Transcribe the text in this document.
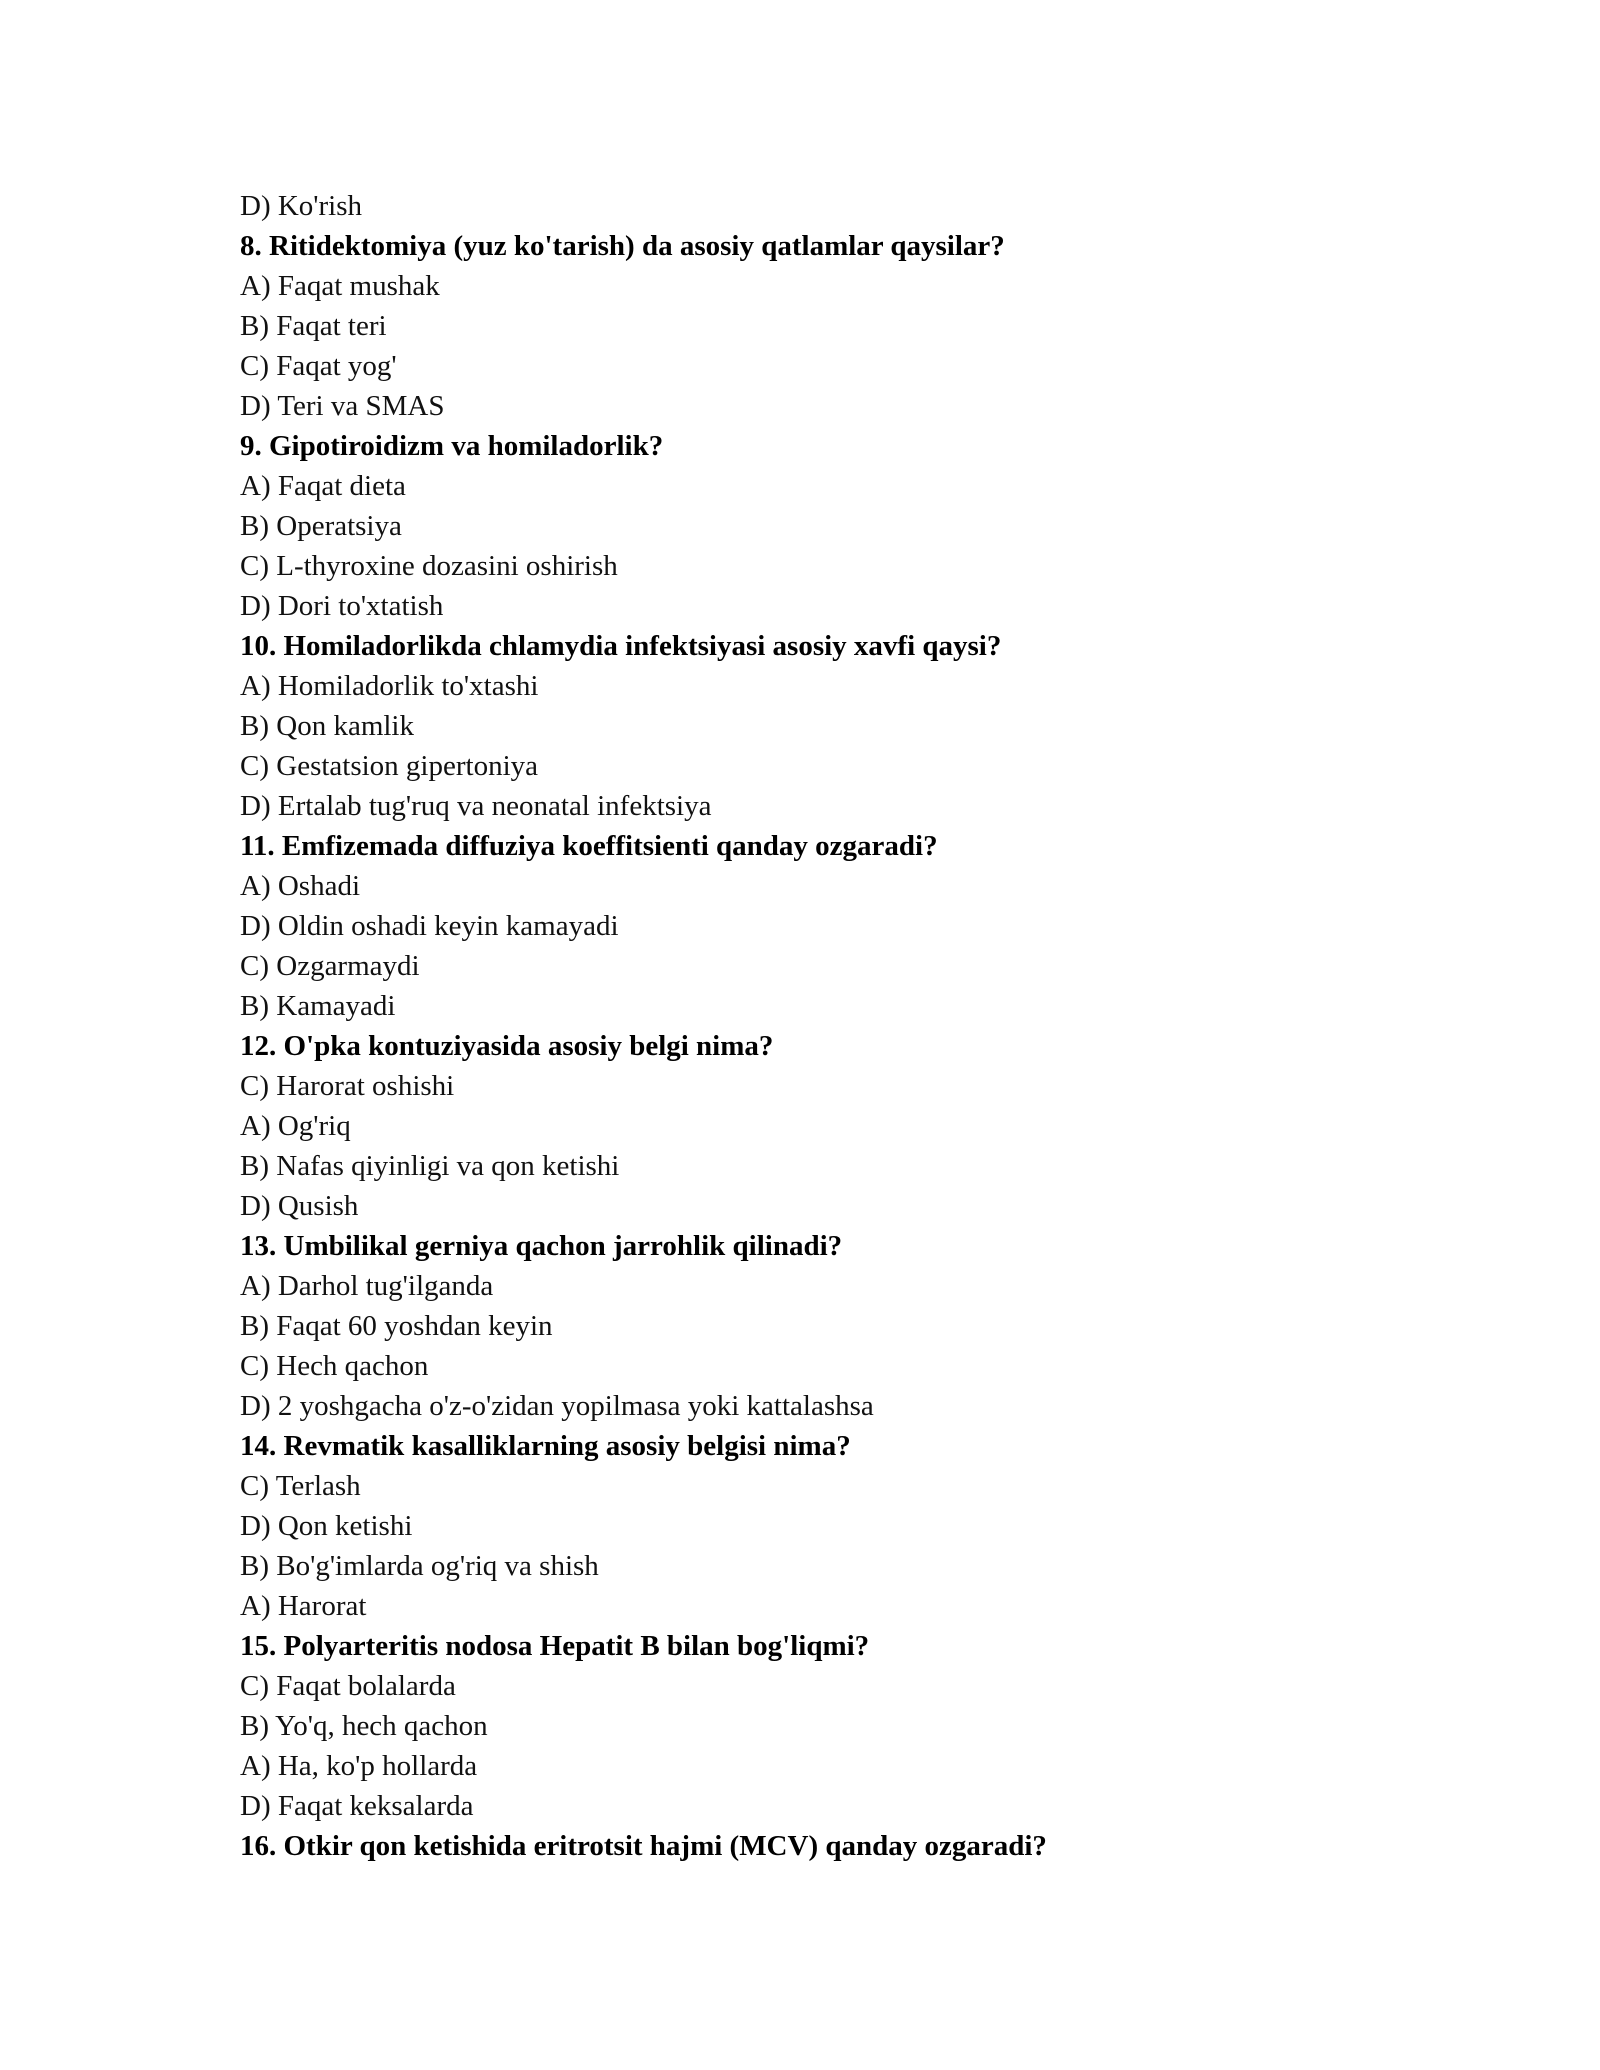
D) Ko'rish
8. Ritidektomiya (yuz ko'tarish) da asosiy qatlamlar qaysilar?
A) Faqat mushak
B) Faqat teri
C) Faqat yog'
D) Teri va SMAS
9. Gipotiroidizm va homiladorlik?
A) Faqat dieta
B) Operatsiya
C) L-thyroxine dozasini oshirish
D) Dori to'xtatish
10. Homiladorlikda chlamydia infektsiyasi asosiy xavfi qaysi?
A) Homiladorlik to'xtashi
B) Qon kamlik
C) Gestatsion gipertoniya
D) Ertalab tug'ruq va neonatal infektsiya
11. Emfizemada diffuziya koeffitsienti qanday ozgaradi?
A) Oshadi
D) Oldin oshadi keyin kamayadi
C) Ozgarmaydi
B) Kamayadi
12. O'pka kontuziyasida asosiy belgi nima?
C) Harorat oshishi
A) Og'riq
B) Nafas qiyinligi va qon ketishi
D) Qusish
13. Umbilikal gerniya qachon jarrohlik qilinadi?
A) Darhol tug'ilganda
B) Faqat 60 yoshdan keyin
C) Hech qachon
D) 2 yoshgacha o'z-o'zidan yopilmasa yoki kattalashsa
14. Revmatik kasalliklarning asosiy belgisi nima?
C) Terlash
D) Qon ketishi
B) Bo'g'imlarda og'riq va shish
A) Harorat
15. Polyarteritis nodosa Hepatit B bilan bog'liqmi?
C) Faqat bolalarda
B) Yo'q, hech qachon
A) Ha, ko'p hollarda
D) Faqat keksalarda
16. Otkir qon ketishida eritrotsit hajmi (MCV) qanday ozgaradi?
